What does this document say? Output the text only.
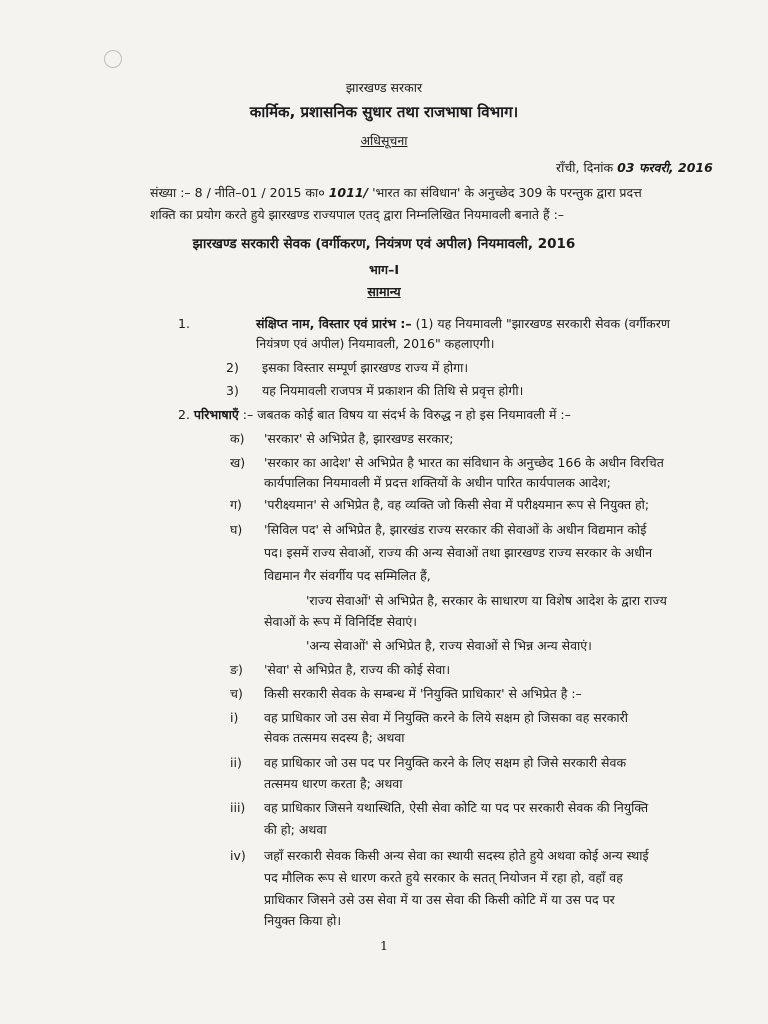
झारखण्ड सरकार
कार्मिक, प्रशासनिक सुधार तथा राजभाषा विभाग।
अधिसूचना
राँची, दिनांक 03 फरवरी, 2016
संख्या :– 8 / नीति–01 / 2015 का० 1011/ 'भारत का संविधान' के अनुच्छेद 309 के परन्तुक द्वारा प्रदत्त
शक्ति का प्रयोग करते हुये झारखण्ड राज्यपाल एतद् द्वारा निम्नलिखित नियमावली बनाते हैं :–
झारखण्ड सरकारी सेवक (वर्गीकरण, नियंत्रण एवं अपील) नियमावली, 2016
भाग–I
सामान्य
1.	संक्षिप्त नाम, विस्तार एवं प्रारंभ :– (1) यह नियमावली "झारखण्ड सरकारी सेवक (वर्गीकरण
नियंत्रण एवं अपील) नियमावली, 2016" कहलाएगी।
2) इसका विस्तार सम्पूर्ण झारखण्ड राज्य में होगा।
3) यह नियमावली राजपत्र में प्रकाशन की तिथि से प्रवृत्त होगी।
2. परिभाषाएँ :– जबतक कोई बात विषय या संदर्भ के विरुद्ध न हो इस नियमावली में :–
क) 'सरकार' से अभिप्रेत है, झारखण्ड सरकार;
ख) 'सरकार का आदेश' से अभिप्रेत है भारत का संविधान के अनुच्छेद 166 के अधीन विरचित
कार्यपालिका नियमावली में प्रदत्त शक्तियों के अधीन पारित कार्यपालक आदेश;
ग) 'परीक्ष्यमान' से अभिप्रेत है, वह व्यक्ति जो किसी सेवा में परीक्ष्यमान रूप से नियुक्त हो;
घ) 'सिविल पद' से अभिप्रेत है, झारखंड राज्य सरकार की सेवाओं के अधीन विद्यमान कोई
पद। इसमें राज्य सेवाओं, राज्य की अन्य सेवाओं तथा झारखण्ड राज्य सरकार के अधीन
विद्यमान गैर संवर्गीय पद सम्मिलित हैं,
'राज्य सेवाओं' से अभिप्रेत है, सरकार के साधारण या विशेष आदेश के द्वारा राज्य
सेवाओं के रूप में विनिर्दिष्ट सेवाएं।
'अन्य सेवाओं' से अभिप्रेत है, राज्य सेवाओं से भिन्न अन्य सेवाएं।
ङ) 'सेवा' से अभिप्रेत है, राज्य की कोई सेवा।
च) किसी सरकारी सेवक के सम्बन्ध में 'नियुक्ति प्राधिकार' से अभिप्रेत है :–
i) वह प्राधिकार जो उस सेवा में नियुक्ति करने के लिये सक्षम हो जिसका वह सरकारी
सेवक तत्समय सदस्य है; अथवा
ii) वह प्राधिकार जो उस पद पर नियुक्ति करने के लिए सक्षम हो जिसे सरकारी सेवक
तत्समय धारण करता है; अथवा
iii) वह प्राधिकार जिसने यथास्थिति, ऐसी सेवा कोटि या पद पर सरकारी सेवक की नियुक्ति
की हो; अथवा
iv) जहाँ सरकारी सेवक किसी अन्य सेवा का स्थायी सदस्य होते हुये अथवा कोई अन्य स्थाई
पद मौलिक रूप से धारण करते हुये सरकार के सतत् नियोजन में रहा हो, वहाँ वह
प्राधिकार जिसने उसे उस सेवा में या उस सेवा की किसी कोटि में या उस पद पर
नियुक्त किया हो।
1
